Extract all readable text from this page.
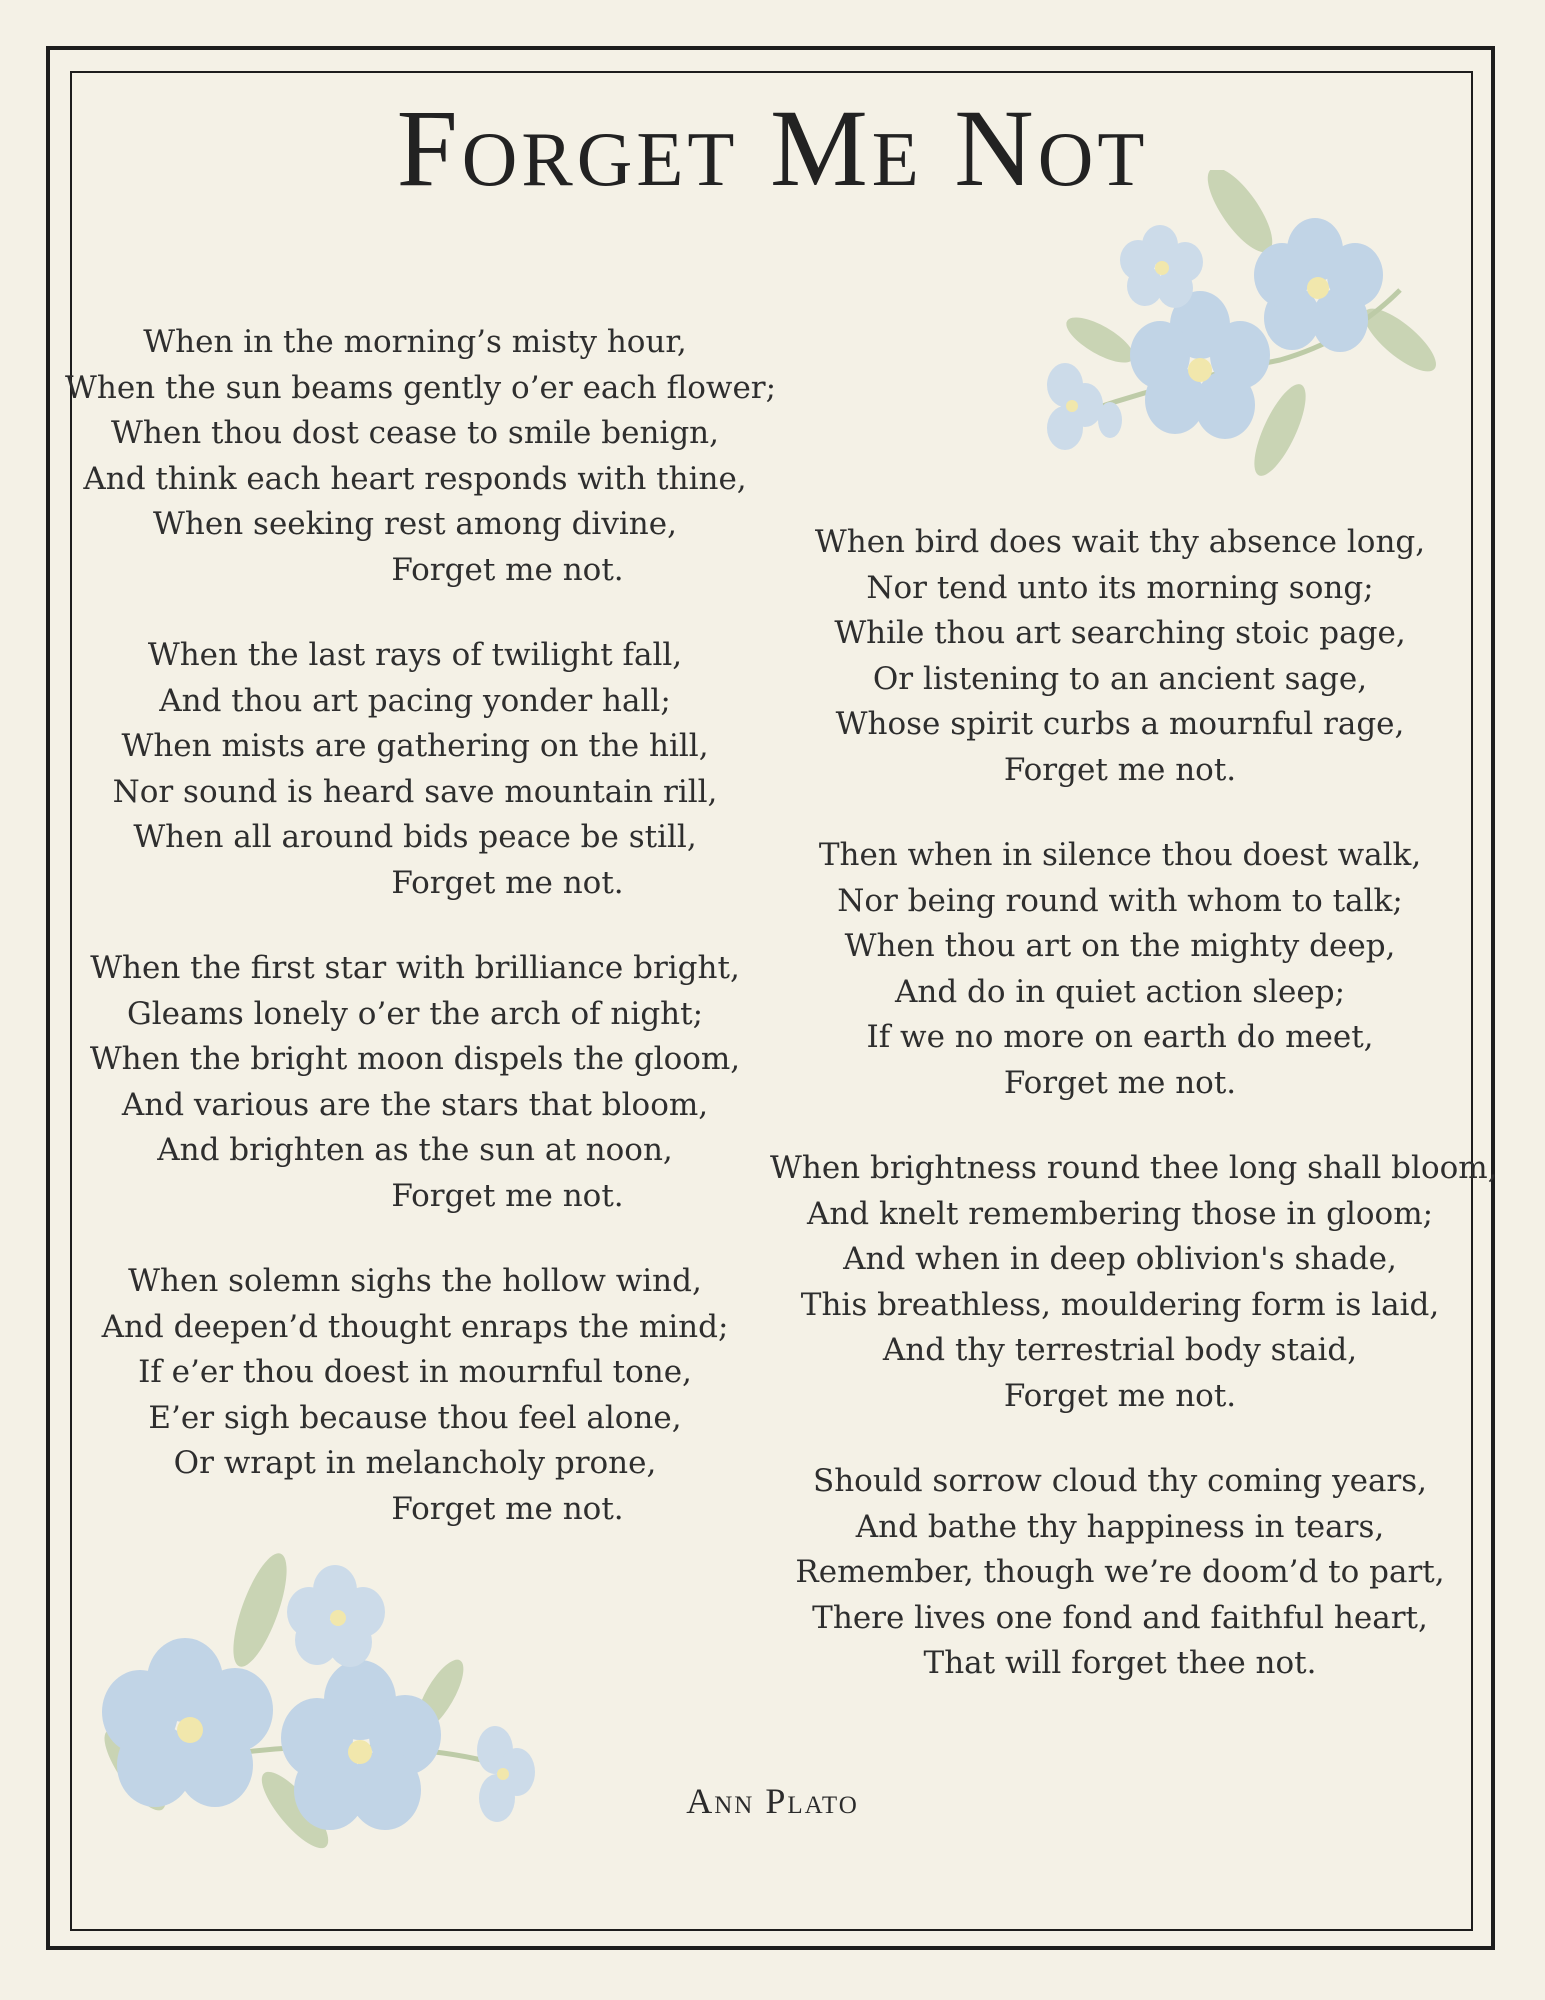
Forget Me Not
When in the morning’s misty hour,
When the sun beams gently o’er each flower;
When thou dost cease to smile benign,
And think each heart responds with thine,
When seeking rest among divine,
Forget me not.
When the last rays of twilight fall,
And thou art pacing yonder hall;
When mists are gathering on the hill,
Nor sound is heard save mountain rill,
When all around bids peace be still,
Forget me not.
When the first star with brilliance bright,
Gleams lonely o’er the arch of night;
When the bright moon dispels the gloom,
And various are the stars that bloom,
And brighten as the sun at noon,
Forget me not.
When solemn sighs the hollow wind,
And deepen’d thought enraps the mind;
If e’er thou doest in mournful tone,
E’er sigh because thou feel alone,
Or wrapt in melancholy prone,
Forget me not.
When bird does wait thy absence long,
Nor tend unto its morning song;
While thou art searching stoic page,
Or listening to an ancient sage,
Whose spirit curbs a mournful rage,
Forget me not.
Then when in silence thou doest walk,
Nor being round with whom to talk;
When thou art on the mighty deep,
And do in quiet action sleep;
If we no more on earth do meet,
Forget me not.
When brightness round thee long shall bloom,
And knelt remembering those in gloom;
And when in deep oblivion's shade,
This breathless, mouldering form is laid,
And thy terrestrial body staid,
Forget me not.
Should sorrow cloud thy coming years,
And bathe thy happiness in tears,
Remember, though we’re doom’d to part,
There lives one fond and faithful heart,
That will forget thee not.
Ann Plato
